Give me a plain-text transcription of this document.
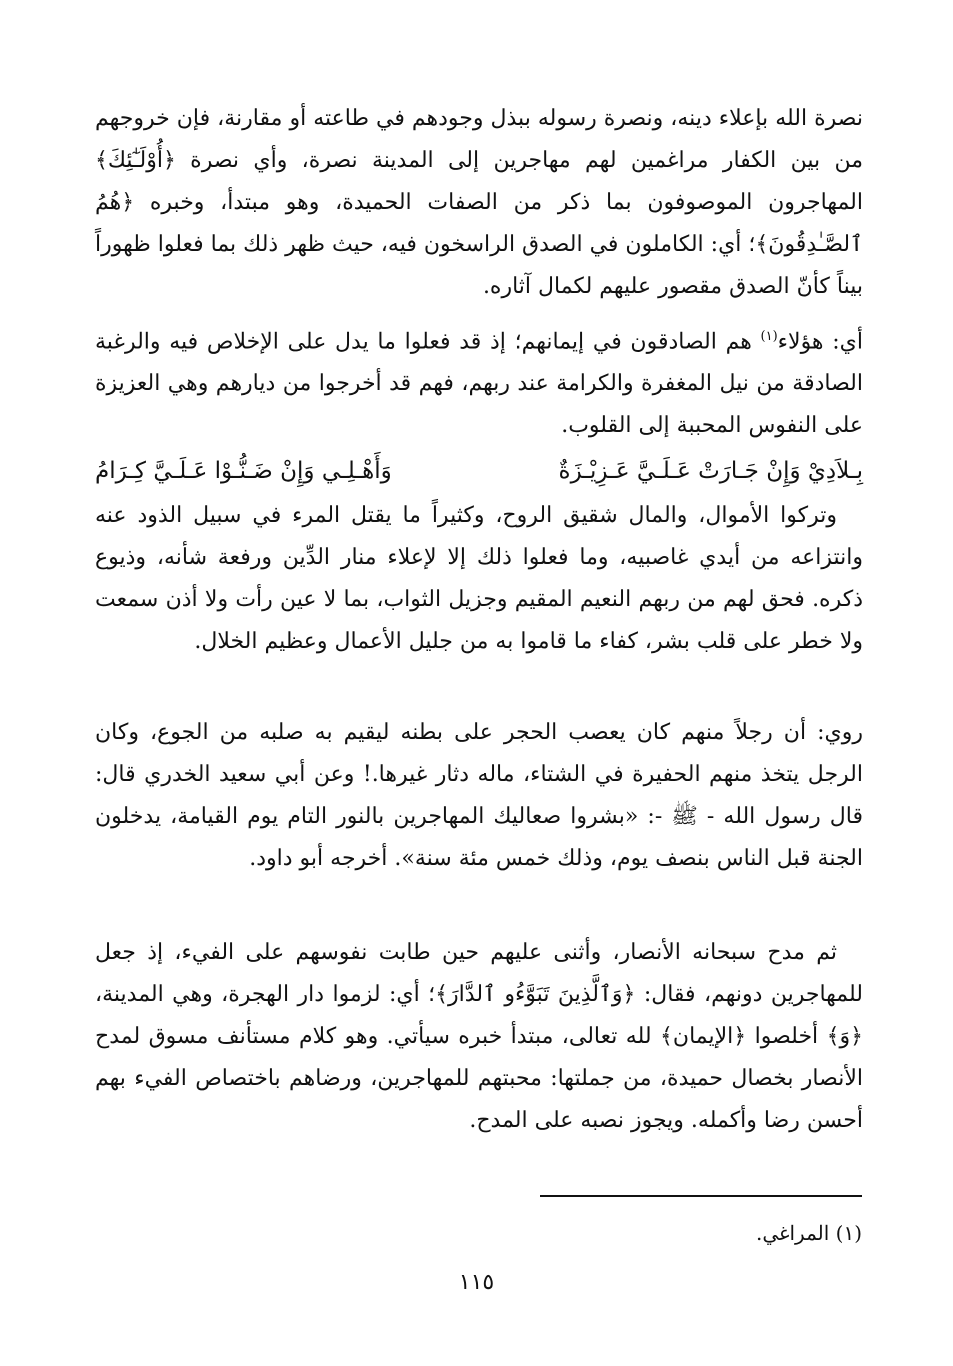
نصرة الله بإعلاء دينه، ونصرة رسوله ببذل وجودهم في طاعته أو مقارنة، فإن خروجهم من بين الكفار مراغمين لهم مهاجرين إلى المدينة نصرة، وأي نصرة ﴿أُوْلَـٰٓئِكَ﴾ المهاجرون الموصوفون بما ذكر من الصفات الحميدة، وهو مبتدأ، وخبره ﴿هُمُ ٱلصَّـٰدِقُونَ﴾؛ أي: الكاملون في الصدق الراسخون فيه، حيث ظهر ذلك بما فعلوا ظهوراً بيناً كأنّ الصدق مقصور عليهم لكمال آثاره.

أي: هؤلاء$^{(١)}$ هم الصادقون في إيمانهم؛ إذ قد فعلوا ما يدل على الإخلاص فيه والرغبة الصادقة من نيل المغفرة والكرامة عند ربهم، فهم قد أخرجوا من ديارهم وهي العزيزة على النفوس المحببة إلى القلوب.

بِـلاَدِيْ وَإِنْ جَـارَتْ عَـلَـيَّ عَـزِيْـزَةٌ
وَأَهْـلِـي وَإِنْ ضَـنُّـوْا عَـلَـيَّ كِـرَامُ

وتركوا الأموال، والمال شقيق الروح، وكثيراً ما يقتل المرء في سبيل الذود عنه وانتزاعه من أيدي غاصبيه، وما فعلوا ذلك إلا لإعلاء منار الدِّين ورفعة شأنه، وذيوع ذكره. فحق لهم من ربهم النعيم المقيم وجزيل الثواب، بما لا عين رأت ولا أذن سمعت ولا خطر على قلب بشر، كفاء ما قاموا به من جليل الأعمال وعظيم الخلال.

روي: أن رجلاً منهم كان يعصب الحجر على بطنه ليقيم به صلبه من الجوع، وكان الرجل يتخذ منهم الحفيرة في الشتاء، ماله دثار غيرها.! وعن أبي سعيد الخدري قال: قال رسول الله - ﷺ -: «بشروا صعاليك المهاجرين بالنور التام يوم القيامة، يدخلون الجنة قبل الناس بنصف يوم، وذلك خمس مئة سنة». أخرجه أبو داود.

ثم مدح سبحانه الأنصار، وأثنى عليهم حين طابت نفوسهم على الفيء، إذ جعل للمهاجرين دونهم، فقال: ﴿وَٱلَّذِينَ تَبَوَّءُو ٱلدَّارَ﴾؛ أي: لزموا دار الهجرة، وهي المدينة، ﴿وَ﴾ أخلصوا ﴿الإيمان﴾ لله تعالى، مبتدأ خبره سيأتي. وهو كلام مستأنف مسوق لمدح الأنصار بخصال حميدة، من جملتها: محبتهم للمهاجرين، ورضاهم باختصاص الفيء بهم أحسن رضا وأكمله. ويجوز نصبه على المدح.

(١) المراغي.
١١٥
